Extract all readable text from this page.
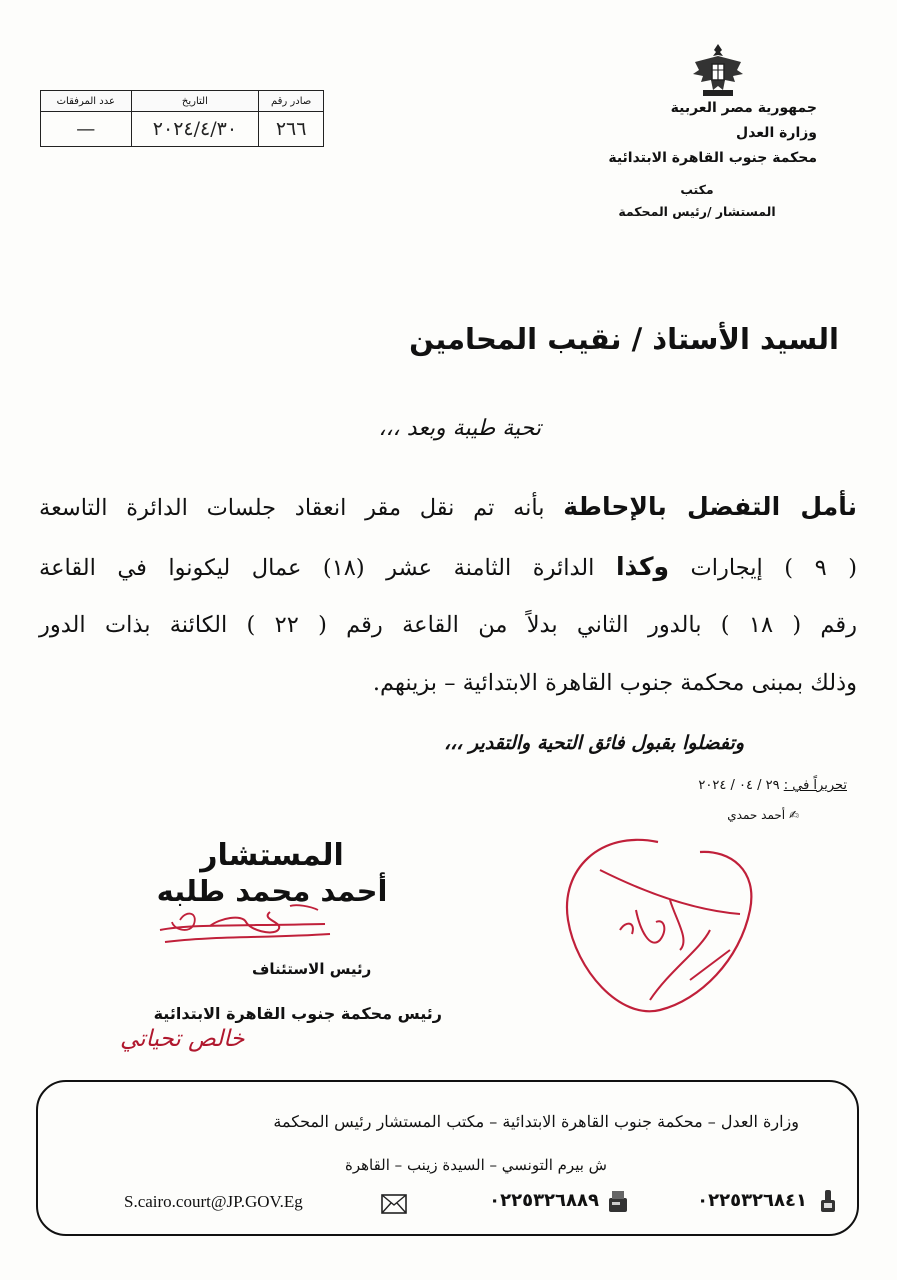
صادر رقم	التاريخ	عدد المرفقات
٢٦٦	٢٠٢٤/٤/٣٠	—
جمهورية مصر العربية
وزارة العدل
محكمة جنوب القاهرة الابتدائية
مكتب
المستشار /رئيس المحكمة
السيد الأستاذ / نقيب المحامين
تحية طيبة وبعد ،،،
نأمل التفضل بالإحاطة بأنه تم نقل مقر انعقاد جلسات الدائرة التاسعة
( ٩ ) إيجارات وكذا الدائرة الثامنة عشر (١٨) عمال ليكونوا في القاعة
رقم ( ١٨ ) بالدور الثاني بدلاً من القاعة رقم ( ٢٢ ) الكائنة بذات الدور
وذلك بمبنى محكمة جنوب القاهرة الابتدائية – بزينهم.
وتفضلوا بقبول فائق التحية والتقدير ،،،
تحريراً في : ٢٩ / ٠٤ / ٢٠٢٤
✍ أحمد حمدي
المستشار
أحمد محمد طلبه
رئيس الاستئناف
رئيس محكمة جنوب القاهرة الابتدائية
خالص تحياتي
وزارة العدل – محكمة جنوب القاهرة الابتدائية – مكتب المستشار رئيس المحكمة
ش بيرم التونسي – السيدة زينب – القاهرة
٠٢٢٥٣٢٦٨٤١
٠٢٢٥٣٢٦٨٨٩
S.cairo.court@JP.GOV.Eg
